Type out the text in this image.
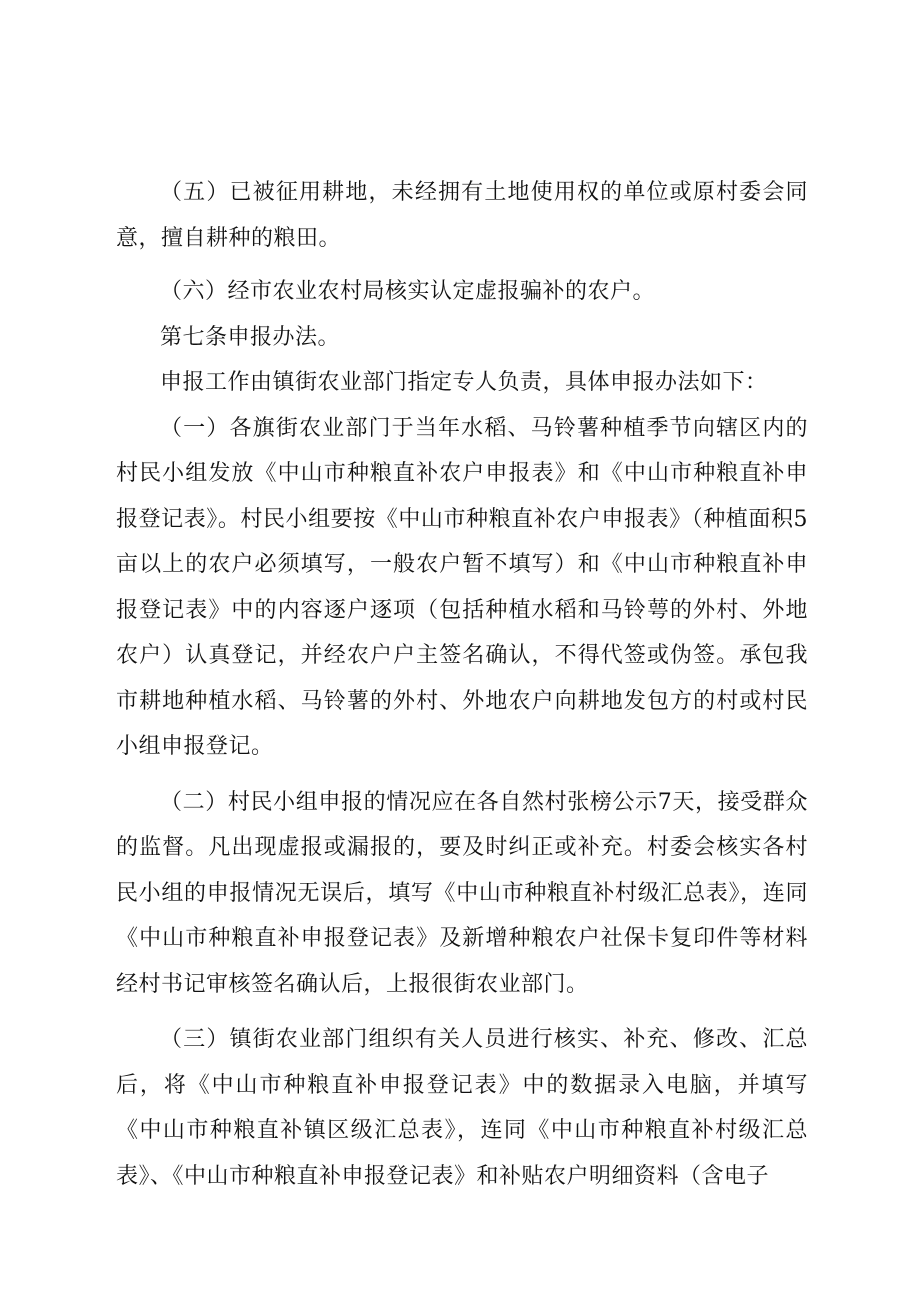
（五）已被征用耕地，未经拥有土地使用权的单位或原村委会同意，擅自耕种的粮田。

（六）经市农业农村局核实认定虚报骗补的农户。

第七条申报办法。

申报工作由镇街农业部门指定专人负责，具体申报办法如下：

（一）各旗街农业部门于当年水稻、马铃薯种植季节向辖区内的村民小组发放《中山市种粮直补农户申报表》和《中山市种粮直补申报登记表》。村民小组要按《中山市种粮直补农户申报表》（种植面积5亩以上的农户必须填写，一般农户暂不填写）和《中山市种粮直补申报登记表》中的内容逐户逐项（包括种植水稻和马铃萼的外村、外地农户）认真登记，并经农户户主签名确认，不得代签或伪签。承包我市耕地种植水稻、马铃薯的外村、外地农户向耕地发包方的村或村民小组申报登记。

（二）村民小组申报的情况应在各自然村张榜公示7天，接受群众的监督。凡出现虚报或漏报的，要及时纠正或补充。村委会核实各村民小组的申报情况无误后，填写《中山市种粮直补村级汇总表》，连同《中山市种粮直补申报登记表》及新增种粮农户社保卡复印件等材料经村书记审核签名确认后，上报很街农业部门。

（三）镇街农业部门组织有关人员进行核实、补充、修改、汇总后，将《中山市种粮直补申报登记表》中的数据录入电脑，并填写《中山市种粮直补镇区级汇总表》，连同《中山市种粮直补村级汇总表》、《中山市种粮直补申报登记表》和补贴农户明细资料（含电子
